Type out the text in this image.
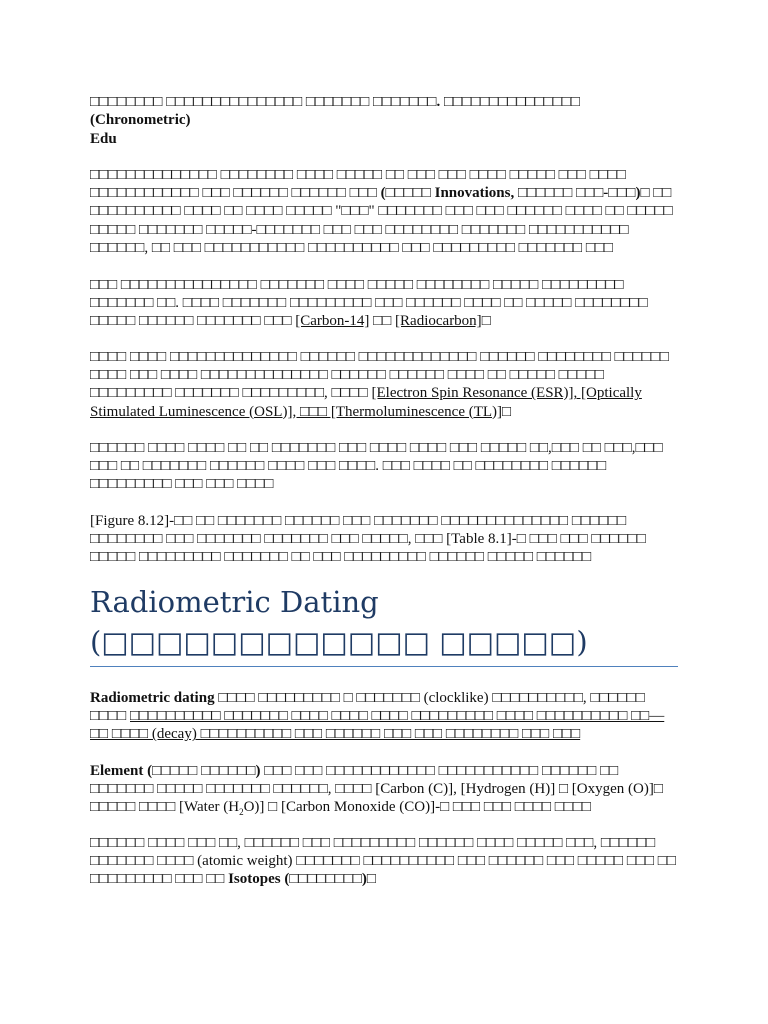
□□□□□□□□ □□□□□□□□□□□□□□□ □□□□□□□ □□□□□□□. □□□□□□□□□□□□□□□ (Chronometric)

Edu

□□□□□□□□□□□□□□ □□□□□□□□ □□□□ □□□□□ □□ □□□ □□□ □□□□ □□□□□ □□□ □□□□ □□□□□□□□□□□□ □□□ □□□□□□ □□□□□□ □□□ (□□□□□ Innovations, □□□□□□ □□□-□□□)□ □□ □□□□□□□□□□ □□□□ □□ □□□□ □□□□□ "□□□" □□□□□□□ □□□ □□□ □□□□□□ □□□□ □□ □□□□□ □□□□□ □□□□□□□ □□□□□-□□□□□□□ □□□ □□□ □□□□□□□□ □□□□□□□ □□□□□□□□□□□ □□□□□□, □□ □□□ □□□□□□□□□□□ □□□□□□□□□□ □□□ □□□□□□□□□ □□□□□□□ □□□

□□□ □□□□□□□□□□□□□□□ □□□□□□□ □□□□ □□□□□ □□□□□□□□ □□□□□ □□□□□□□□□ □□□□□□□ □□. □□□□ □□□□□□□ □□□□□□□□□ □□□ □□□□□□ □□□□ □□ □□□□□ □□□□□□□□ □□□□□ □□□□□□ □□□□□□□ □□□ [Carbon-14] □□ [Radiocarbon]□

□□□□ □□□□ □□□□□□□□□□□□□□ □□□□□□ □□□□□□□□□□□□□ □□□□□□ □□□□□□□□ □□□□□□ □□□□ □□□ □□□□ □□□□□□□□□□□□□□ □□□□□□ □□□□□□ □□□□ □□ □□□□□ □□□□□ □□□□□□□□□ □□□□□□□ □□□□□□□□□, □□□□ [Electron Spin Resonance (ESR)], [Optically Stimulated Luminescence (OSL)], □□□ [Thermoluminescence (TL)]□

□□□□□□ □□□□ □□□□ □□ □□ □□□□□□□ □□□ □□□□ □□□□ □□□ □□□□□ □□,□□□ □□ □□□,□□□ □□□ □□ □□□□□□□ □□□□□□ □□□□ □□□ □□□□. □□□ □□□□ □□ □□□□□□□□ □□□□□□ □□□□□□□□□ □□□ □□□ □□□□

[Figure 8.12]-□□ □□ □□□□□□□ □□□□□□ □□□ □□□□□□□ □□□□□□□□□□□□□□ □□□□□□ □□□□□□□□ □□□ □□□□□□□ □□□□□□□ □□□ □□□□□, □□□ [Table 8.1]-□ □□□ □□□ □□□□□□ □□□□□ □□□□□□□□□ □□□□□□□ □□ □□□ □□□□□□□□□ □□□□□□ □□□□□ □□□□□□

Radiometric Dating (□□□□□□□□□□□□ □□□□□)

Radiometric dating □□□□ □□□□□□□□□ □ □□□□□□□ (clocklike) □□□□□□□□□□, □□□□□□ □□□□ □□□□□□□□□□ □□□□□□□ □□□□ □□□□ □□□□ □□□□□□□□□ □□□□ □□□□□□□□□□ □□—□□ □□□□ (decay) □□□□□□□□□□ □□□ □□□□□□ □□□ □□□ □□□□□□□□ □□□ □□□

Element (□□□□□ □□□□□□) □□□ □□□ □□□□□□□□□□□□ □□□□□□□□□□□ □□□□□□ □□ □□□□□□□ □□□□□ □□□□□□□ □□□□□□, □□□□ [Carbon (C)], [Hydrogen (H)] □ [Oxygen (O)]□ □□□□□ □□□□ [Water $(H_2O)$] □ [Carbon Monoxide (CO)]-□ □□□ □□□ □□□□ □□□□

□□□□□□ □□□□ □□□ □□, □□□□□□ □□□ □□□□□□□□□ □□□□□□ □□□□ □□□□□ □□□, □□□□□□ □□□□□□□ □□□□ (atomic weight) □□□□□□□ □□□□□□□□□□ □□□ □□□□□□ □□□ □□□□□ □□□ □□ □□□□□□□□□ □□□ □□ Isotopes (□□□□□□□□)□
